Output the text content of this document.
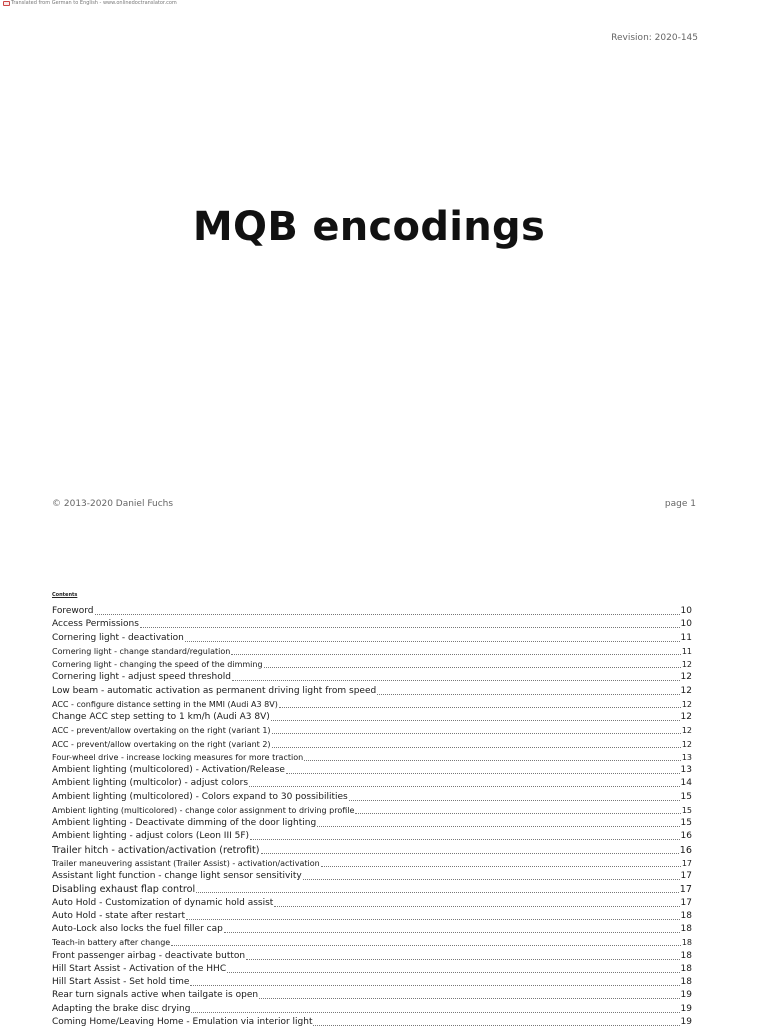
Translated from German to English - www.onlinedoctranslator.com
Revision: 2020-145
MQB encodings
© 2013-2020 Daniel Fuchs	page 1
Contents
Foreword	10
Access Permissions	10
Cornering light - deactivation	11
Cornering light - change standard/regulation	11
Cornering light - changing the speed of the dimming	12
Cornering light - adjust speed threshold	12
Low beam - automatic activation as permanent driving light from speed	12
ACC - configure distance setting in the MMI (Audi A3 8V)	12
Change ACC step setting to 1 km/h (Audi A3 8V)	12
ACC - prevent/allow overtaking on the right (variant 1)	12
ACC - prevent/allow overtaking on the right (variant 2)	12
Four-wheel drive - increase locking measures for more traction	13
Ambient lighting (multicolored) - Activation/Release	13
Ambient lighting (multicolor) - adjust colors	14
Ambient lighting (multicolored) - Colors expand to 30 possibilities	15
Ambient lighting (multicolored) - change color assignment to driving profile	15
Ambient lighting - Deactivate dimming of the door lighting	15
Ambient lighting - adjust colors (Leon III 5F)	16
Trailer hitch - activation/activation (retrofit)	16
Trailer maneuvering assistant (Trailer Assist) - activation/activation	17
Assistant light function - change light sensor sensitivity	17
Disabling exhaust flap control	17
Auto Hold - Customization of dynamic hold assist	17
Auto Hold - state after restart	18
Auto-Lock also locks the fuel filler cap	18
Teach-in battery after change	18
Front passenger airbag - deactivate button	18
Hill Start Assist - Activation of the HHC	18
Hill Start Assist - Set hold time	18
Rear turn signals active when tailgate is open	19
Adapting the brake disc drying	19
Coming Home/Leaving Home - Emulation via interior light	19
